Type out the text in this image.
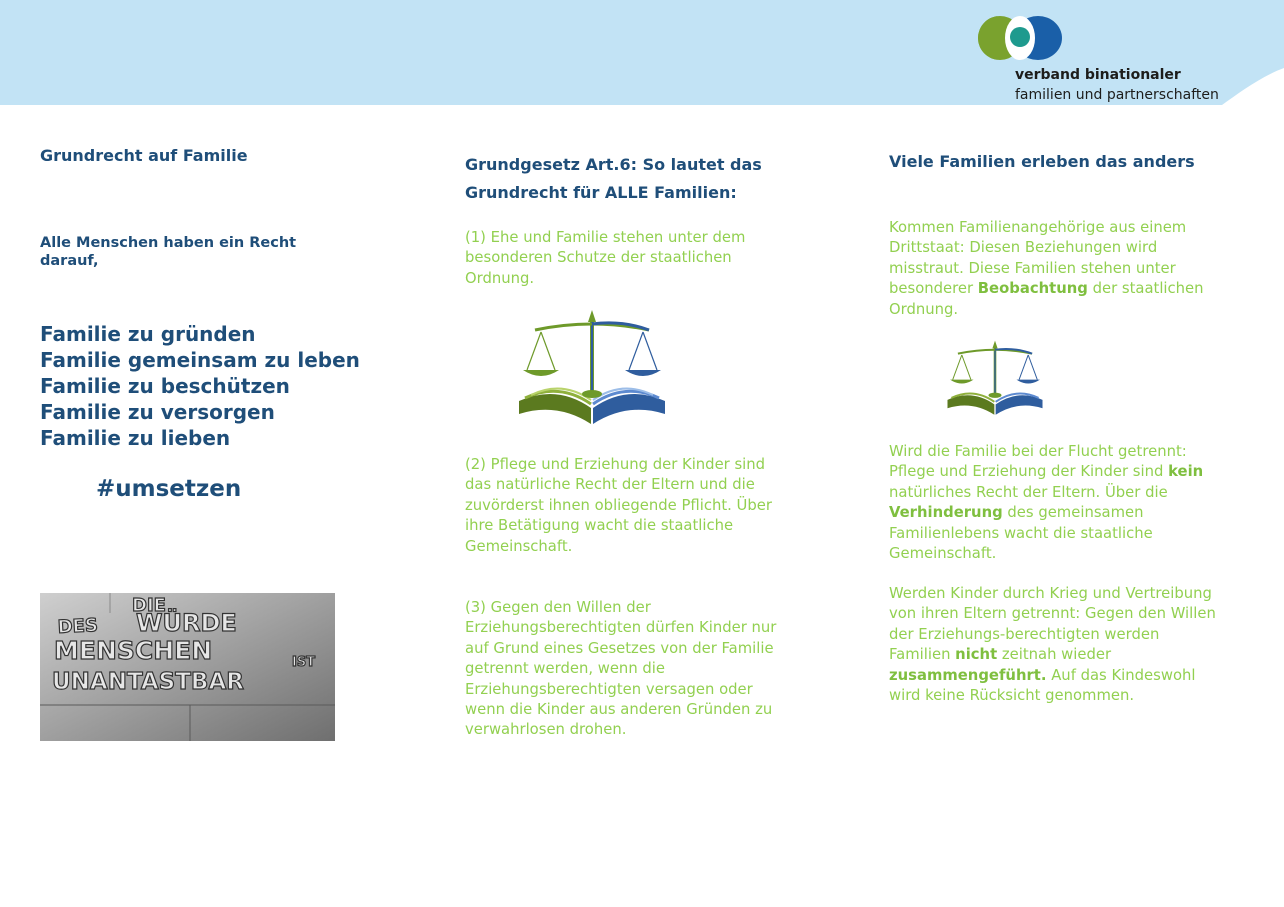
verband binationaler
familien und partnerschaften
Grundrecht auf Familie
Alle Menschen haben ein Recht darauf,
Familie zu gründen
Familie gemeinsam zu leben
Familie zu beschützen
Familie zu versorgen
Familie zu lieben
#umsetzen
DIE
DES WÜRDE
MENSCHEN	IST
UNANTASTBAR
Grundgesetz Art.6: So lautet das Grundrecht für ALLE Familien:

(1) Ehe und Familie stehen unter dem besonderen Schutze der staatlichen Ordnung.

(2) Pflege und Erziehung der Kinder sind das natürliche Recht der Eltern und die zuvörderst ihnen obliegende Pflicht. Über ihre Betätigung wacht die staatliche Gemeinschaft.

(3) Gegen den Willen der Erziehungsberechtigten dürfen Kinder nur auf Grund eines Gesetzes von der Familie getrennt werden, wenn die Erziehungsberechtigten versagen oder wenn die Kinder aus anderen Gründen zu verwahrlosen drohen.

Viele Familien erleben das anders

Kommen Familienangehörige aus einem Drittstaat: Diesen Beziehungen wird misstraut. Diese Familien stehen unter besonderer Beobachtung der staatlichen Ordnung.

Wird die Familie bei der Flucht getrennt: Pflege und Erziehung der Kinder sind kein natürliches Recht der Eltern. Über die Verhinderung des gemeinsamen Familienlebens wacht die staatliche Gemeinschaft.

Werden Kinder durch Krieg und Vertreibung von ihren Eltern getrennt: Gegen den Willen der Erziehungs-berechtigten werden Familien nicht zeitnah wieder zusammengeführt. Auf das Kindeswohl wird keine Rücksicht genommen.
